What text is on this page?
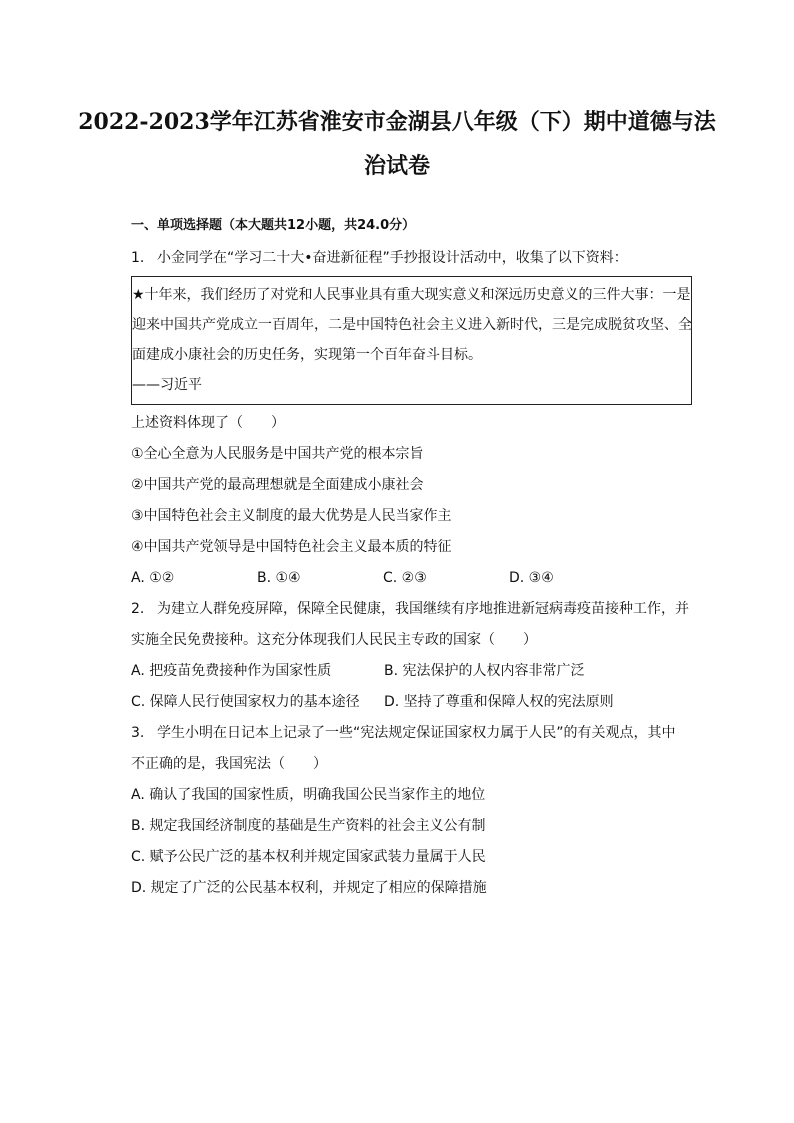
2022-2023学年江苏省淮安市金湖县八年级（下）期中道德与法
治试卷
一、单项选择题（本大题共12小题，共24.0分）
1. 小金同学在“学习二十大•奋进新征程”手抄报设计活动中，收集了以下资料：
★十年来，我们经历了对党和人民事业具有重大现实意义和深远历史意义的三件大事：一是
迎来中国共产党成立一百周年，二是中国特色社会主义进入新时代，三是完成脱贫攻坚、全
面建成小康社会的历史任务，实现第一个百年奋斗目标。
——习近平
上述资料体现了（　　）
①全心全意为人民服务是中国共产党的根本宗旨
②中国共产党的最高理想就是全面建成小康社会
③中国特色社会主义制度的最大优势是人民当家作主
④中国共产党领导是中国特色社会主义最本质的特征
A. ①②	B. ①④	C. ②③	D. ③④
2. 为建立人群免疫屏障，保障全民健康，我国继续有序地推进新冠病毒疫苗接种工作，并
实施全民免费接种。这充分体现我们人民民主专政的国家（　　）
A. 把疫苗免费接种作为国家性质	B. 宪法保护的人权内容非常广泛
C. 保障人民行使国家权力的基本途径	D. 坚持了尊重和保障人权的宪法原则
3. 学生小明在日记本上记录了一些“宪法规定保证国家权力属于人民”的有关观点，其中
不正确的是，我国宪法（　　）
A. 确认了我国的国家性质，明确我国公民当家作主的地位
B. 规定我国经济制度的基础是生产资料的社会主义公有制
C. 赋予公民广泛的基本权利并规定国家武装力量属于人民
D. 规定了广泛的公民基本权利，并规定了相应的保障措施
